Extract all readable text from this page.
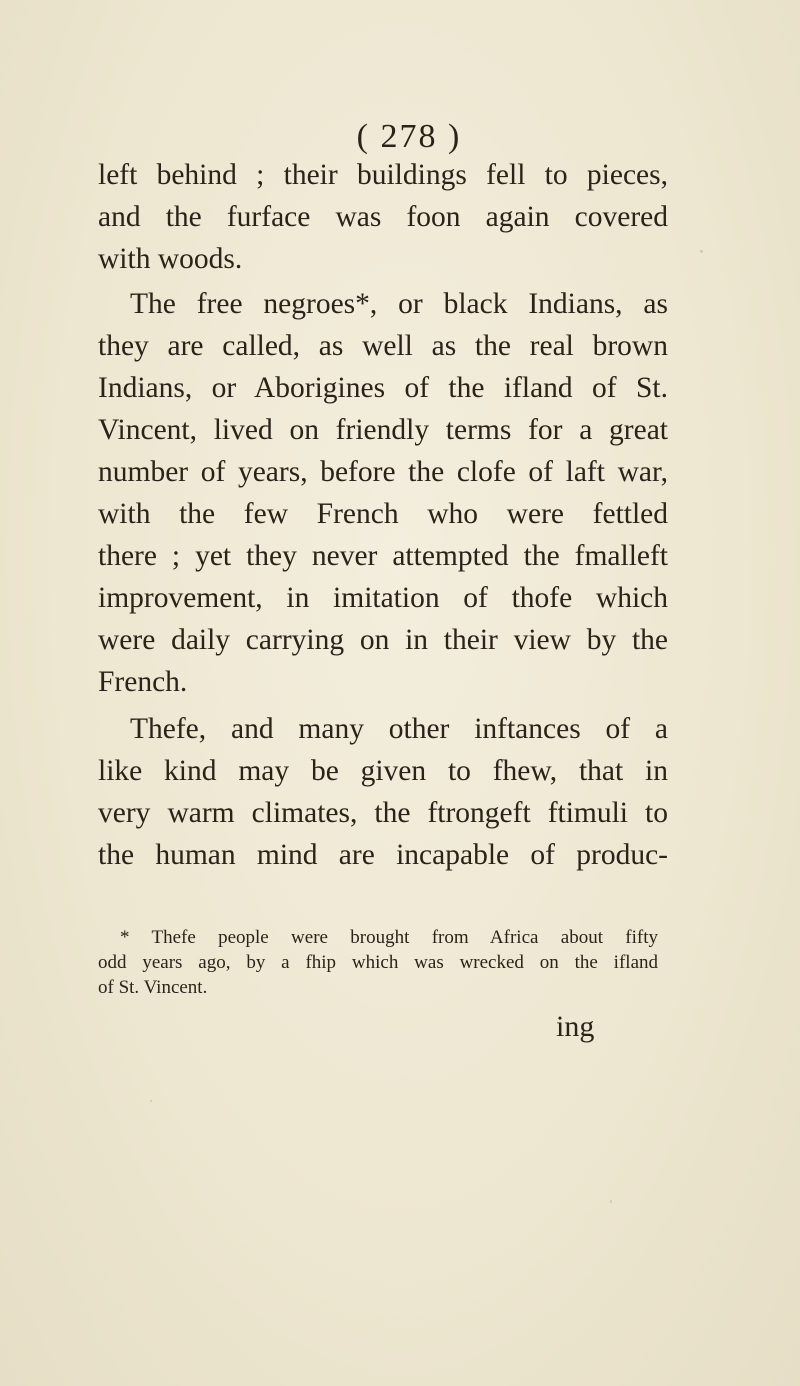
( 278 )
left behind ; their buildings fell to pieces,
and the furface was foon again covered
with woods.
The free negroes*, or black Indians, as
they are called, as well as the real brown
Indians, or Aborigines of the ifland of St.
Vincent, lived on friendly terms for a great
number of years, before the clofe of laft war,
with the few French who were fettled
there ; yet they never attempted the fmalleft
improvement, in imitation of thofe which
were daily carrying on in their view by the
French.
Thefe, and many other inftances of a
like kind may be given to fhew, that in
very warm climates, the ftrongeft ftimuli to
the human mind are incapable of produc-
* Thefe people were brought from Africa about fifty
odd years ago, by a fhip which was wrecked on the ifland
of St. Vincent.
ing
